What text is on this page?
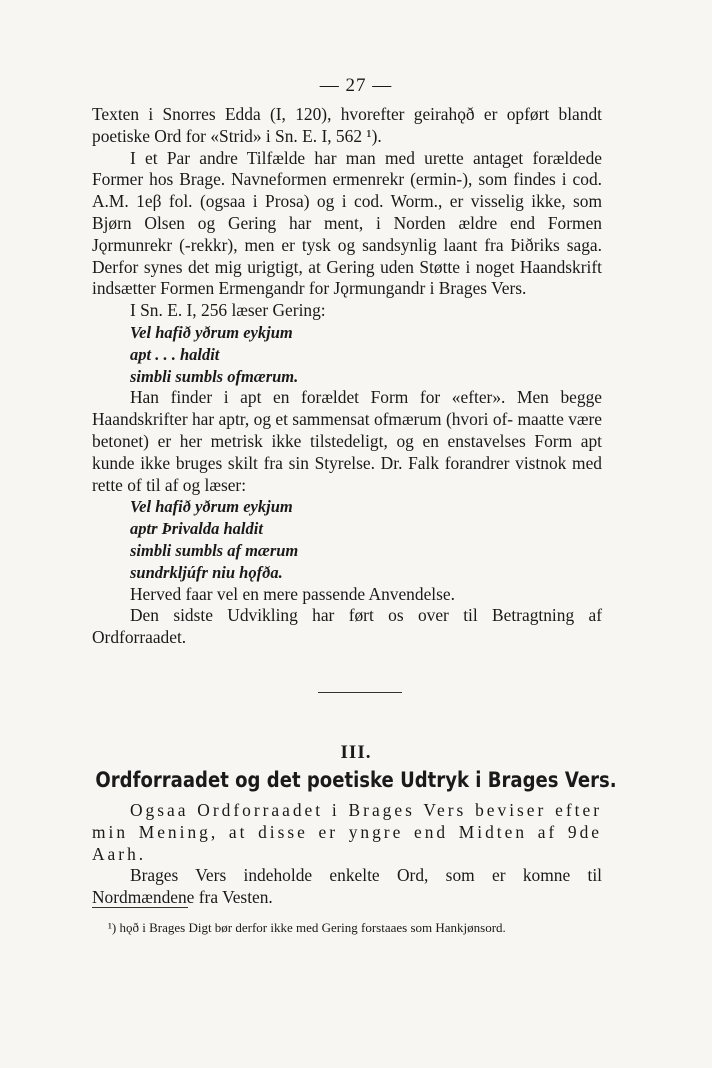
— 27 —

Texten i Snorres Edda (I, 120), hvorefter geirahǫð er opført blandt poetiske Ord for «Strid» i Sn. E. I, 562 ¹).

I et Par andre Tilfælde har man med urette antaget forældede Former hos Brage. Navneformen ermenrekr (ermin-), som findes i cod. A.M. 1eβ fol. (ogsaa i Prosa) og i cod. Worm., er visselig ikke, som Bjørn Olsen og Gering har ment, i Norden ældre end Formen Jǫrmunrekr (-rekkr), men er tysk og sandsynlig laant fra Þiðriks saga. Derfor synes det mig urigtigt, at Gering uden Støtte i noget Haandskrift indsætter Formen Ermengandr for Jǫrmungandr i Brages Vers.

I Sn. E. I, 256 læser Gering:

Vel hafið yðrum eykjum
apt . . . haldit
simbli sumbls ofmærum.

Han finder i apt en forældet Form for «efter». Men begge Haandskrifter har aptr, og et sammensat ofmærum (hvori of- maatte være betonet) er her metrisk ikke tilstedeligt, og en enstavelses Form apt kunde ikke bruges skilt fra sin Styrelse. Dr. Falk forandrer vistnok med rette of til af og læser:

Vel hafið yðrum eykjum
aptr Þrivalda haldit
simbli sumbls af mærum
sundrkljúfr niu hǫfða.

Herved faar vel en mere passende Anvendelse.

Den sidste Udvikling har ført os over til Betragtning af Ordforraadet.

III.
Ordforraadet og det poetiske Udtryk i Brages Vers.

Ogsaa Ordforraadet i Brages Vers beviser efter min Mening, at disse er yngre end Midten af 9de Aarh.

Brages Vers indeholde enkelte Ord, som er komne til Nordmændene fra Vesten.

¹) hǫð i Brages Digt bør derfor ikke med Gering forstaaes som Hankjønsord.
